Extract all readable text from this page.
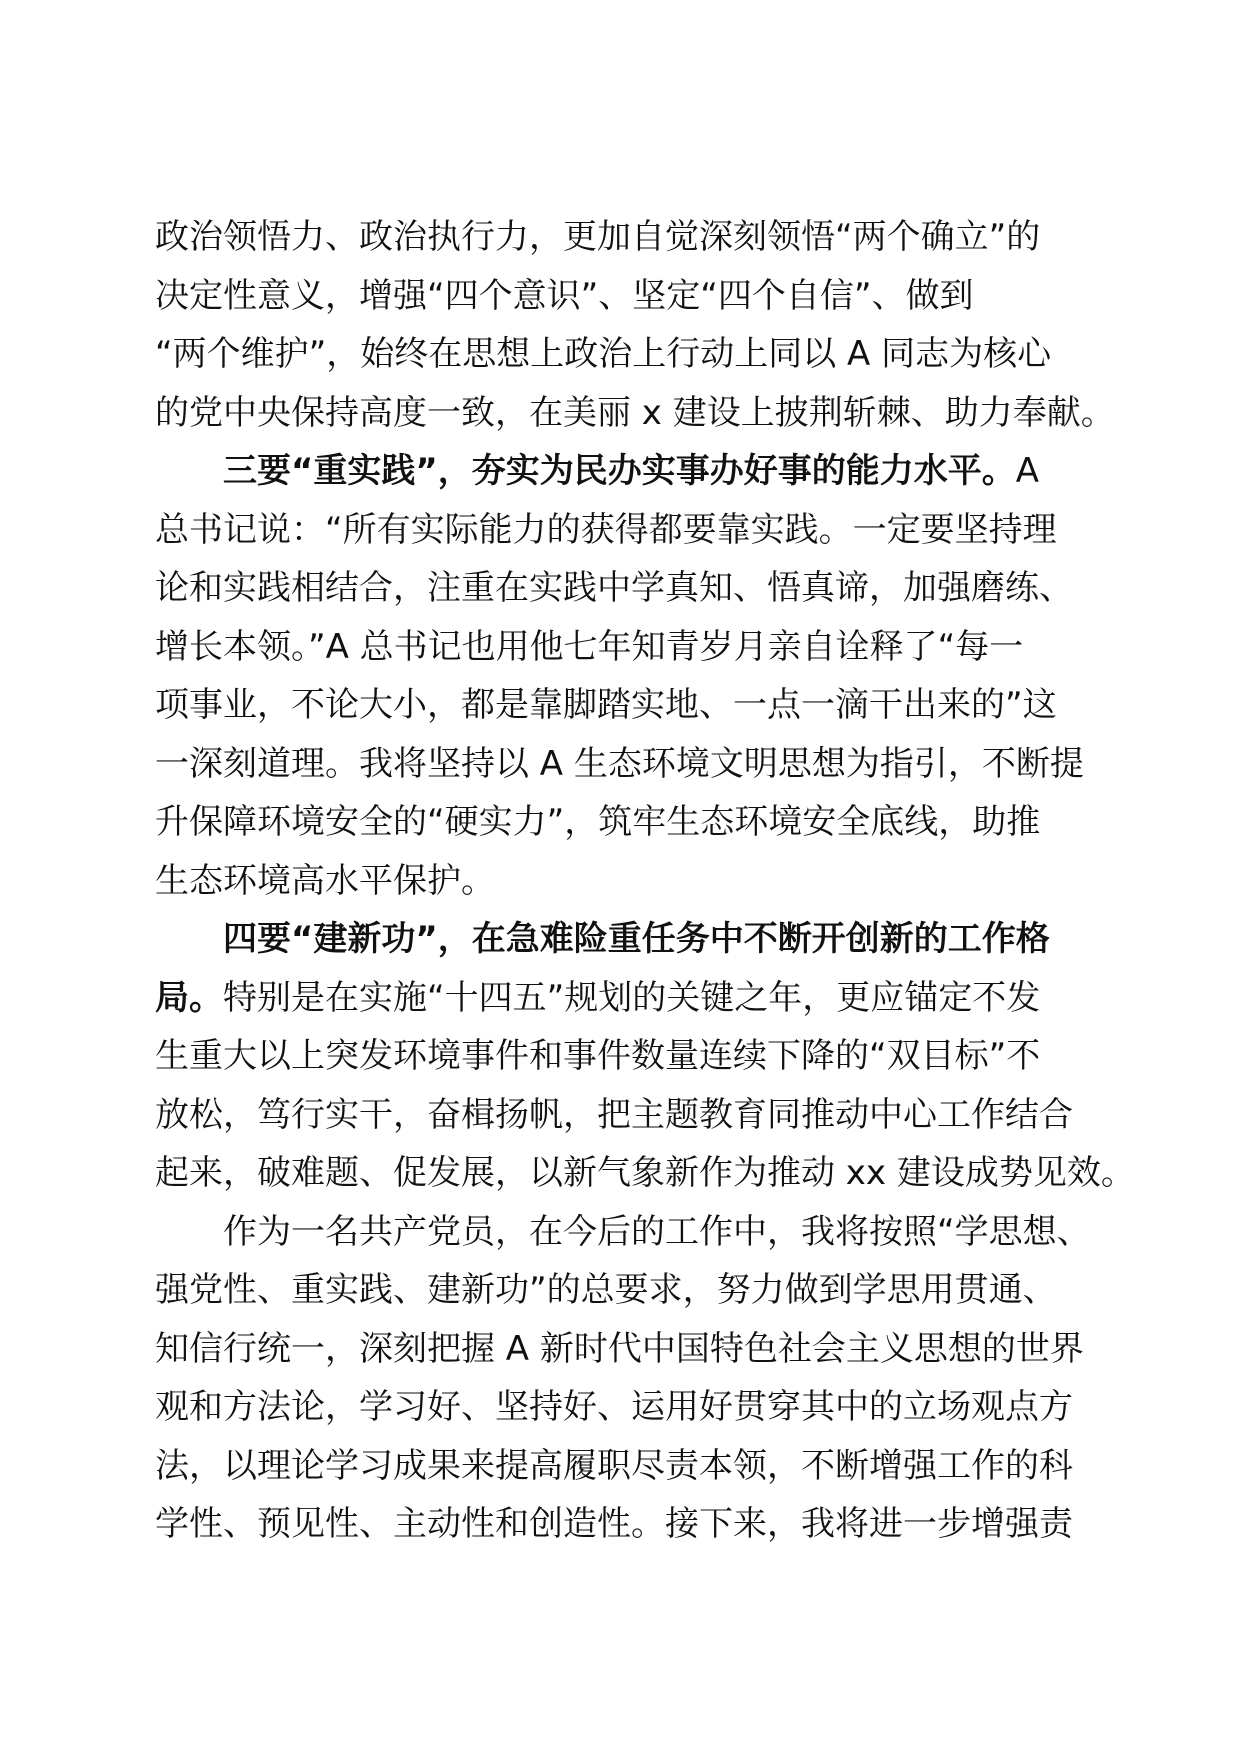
政治领悟力、政治执行力，更加自觉深刻领悟“两个确立”的
决定性意义，增强“四个意识”、坚定“四个自信”、做到
“两个维护”，始终在思想上政治上行动上同以 A 同志为核心
的党中央保持高度一致，在美丽 x 建设上披荆斩棘、助力奉献。
三要“重实践”，夯实为民办实事办好事的能力水平。A
总书记说：“所有实际能力的获得都要靠实践。一定要坚持理
论和实践相结合，注重在实践中学真知、悟真谛，加强磨练、
增长本领。”A 总书记也用他七年知青岁月亲自诠释了“每一
项事业，不论大小，都是靠脚踏实地、一点一滴干出来的”这
一深刻道理。我将坚持以 A 生态环境文明思想为指引，不断提
升保障环境安全的“硬实力”，筑牢生态环境安全底线，助推
生态环境高水平保护。
四要“建新功”，在急难险重任务中不断开创新的工作格
局。特别是在实施“十四五”规划的关键之年，更应锚定不发
生重大以上突发环境事件和事件数量连续下降的“双目标”不
放松，笃行实干，奋楫扬帆，把主题教育同推动中心工作结合
起来，破难题、促发展，以新气象新作为推动 xx 建设成势见效。
作为一名共产党员，在今后的工作中，我将按照“学思想、
强党性、重实践、建新功”的总要求，努力做到学思用贯通、
知信行统一，深刻把握 A 新时代中国特色社会主义思想的世界
观和方法论，学习好、坚持好、运用好贯穿其中的立场观点方
法，以理论学习成果来提高履职尽责本领，不断增强工作的科
学性、预见性、主动性和创造性。接下来，我将进一步增强责
